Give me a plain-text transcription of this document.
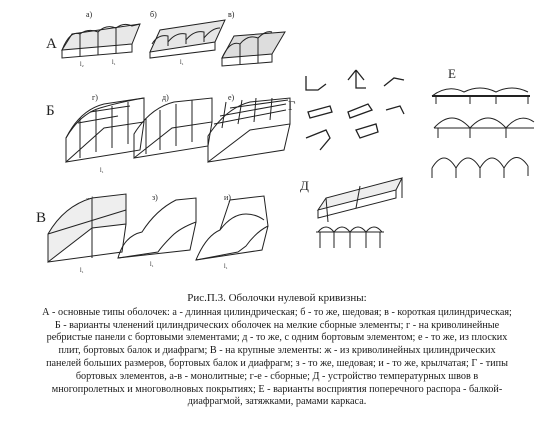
А
а)
l₂	l₁
б)
l₁
в)
Б
г)
l₁
д)	е)
В
l₁
з)
l₁
и)
l₁
Г
Д
Е
Рис.П.3. Оболочки нулевой кривизны:
А - основные типы оболочек: а - длинная цилиндрическая; б - то же, шедовая; в - короткая цилиндрическая;
Б - варианты членений цилиндрических оболочек на мелкие сборные элементы; г - на криволинейные
ребристые панели с бортовыми элементами; д - то же, с одним бортовым элементом; е - то же, из плоских
плит, бортовых балок и диафрагм; В - на крупные элементы: ж - из криволинейных цилиндрических
панелей больших размеров, бортовых балок и диафрагм; з - то же, шедовая; и - то же, крылчатая; Г - типы
бортовых элементов, а-в - монолитные; г-е - сборные; Д - устройство температурных швов в
многопролетных и многоволновых покрытиях; Е - варианты восприятия поперечного распора - балкой-
диафрагмой, затяжками, рамами каркаса.
